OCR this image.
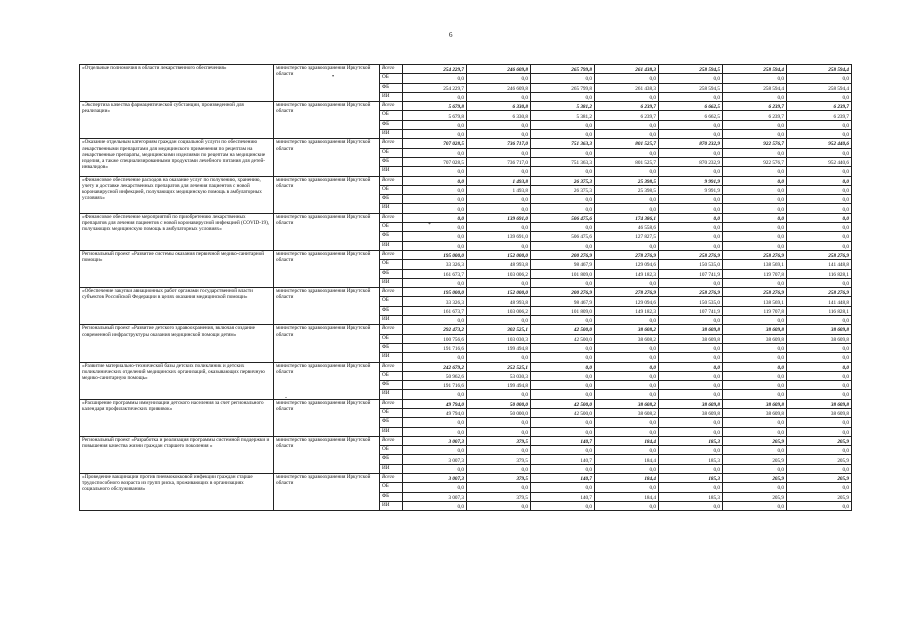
6
«Отдельные полномочия в области лекарственного обеспечения»	министерство здравоохранения Иркутской области	Всего	254 229,7	246 609,8	265 799,8	261 438,3	258 594,5	258 594,4	258 594,4
		ОБ	0,0	0,0	0,0	0,0	0,0	0,0	0,0
		ФБ	254 229,7	246 609,8	265 799,8	261 438,3	258 594,5	258 594,4	258 594,4
		ИИ	0,0	0,0	0,0	0,0	0,0	0,0	0,0
«Экспертиза качества фармацевтической субстанции, произведенной для реализации»	министерство здравоохранения Иркутской области	Всего	5 679,8	6 330,8	5 381,2	6 239,7	6 662,5	6 239,7	6 239,7
		ОБ	5 679,8	6 330,8	5 381,2	6 239,7	6 662,5	6 239,7	6 239,7
		ФБ	0,0	0,0	0,0	0,0	0,0	0,0	0,0
		ИИ	0,0	0,0	0,0	0,0	0,0	0,0	0,0
«Оказание отдельным категориям граждан социальной услуги по обеспечению лекарственными препаратами для медицинского применения по рецептам на лекарственные препараты, медицинскими изделиями по рецептам на медицинские изделия, а также специализированными продуктами лечебного питания для детей-инвалидов»	министерство здравоохранения Иркутской области	Всего	707 028,5	736 717,0	751 363,3	801 525,7	870 232,9	922 576,7	952 440,6
		ОБ	0,0	0,0	0,0	0,0	0,0	0,0	0,0
		ФБ	707 028,5	736 717,0	751 363,3	801 525,7	870 232,9	922 576,7	952 440,6
		ИИ	0,0	0,0	0,0	0,0	0,0	0,0	0,0
«Финансовое обеспечение расходов на оказание услуг по получению, хранению, учету и доставке лекарственных препаратов для лечения пациентов с новой коронавирусной инфекцией, получающих медицинскую помощь в амбулаторных условиях»	министерство здравоохранения Иркутской области	Всего	0,0	1 493,8	26 375,3	25 398,5	9 991,9	0,0	0,0
		ОБ	0,0	1 493,8	26 375,3	25 398,5	9 991,9	0,0	0,0
		ФБ	0,0	0,0	0,0	0,0	0,0	0,0	0,0
		ИИ	0,0	0,0	0,0	0,0	0,0	0,0	0,0
«Финансовое обеспечение мероприятий по приобретению лекарственных препаратов для лечения пациентов с новой коронавирусной инфекцией (COVID-19), получающих медицинскую помощь в амбулаторных условиях»	министерство здравоохранения Иркутской области	Всего	0,0	139 691,0	506 475,6	174 386,1	0,0	0,0	0,0
		ОБ	0,0	0,0	0,0	46 558,6	0,0	0,0	0,0
		ФБ	0,0	139 691,0	506 475,6	127 827,5	0,0	0,0	0,0
		ИИ	0,0	0,0	0,0	0,0	0,0	0,0	0,0
Региональный проект «Развитие системы оказания первичной медико-санитарной помощи»	министерство здравоохранения Иркутской области	Всего	195 000,0	152 000,0	200 276,9	278 276,9	258 276,9	258 276,9	258 276,9
		ОБ	33 326,3	48 993,8	98 467,9	129 094,6	150 535,0	138 569,1	141 448,8
		ФБ	161 673,7	103 006,2	101 809,0	149 182,3	107 741,9	119 707,8	116 828,1
		ИИ	0,0	0,0	0,0	0,0	0,0	0,0	0,0
«Обеспечение закупки авиационных работ органами государственной власти субъектов Российской Федерации в целях оказания медицинской помощи»	министерство здравоохранения Иркутской области	Всего	195 000,0	152 000,0	200 276,9	278 276,9	258 276,9	258 276,9	258 276,9
		ОБ	33 326,3	48 993,8	98 467,9	129 094,6	150 535,0	138 569,1	141 448,8
		ФБ	161 673,7	103 006,2	101 809,0	149 182,3	107 741,9	119 707,8	116 828,1
		ИИ	0,0	0,0	0,0	0,0	0,0	0,0	0,0
Региональный проект «Развитие детского здравоохранения, включая создание современной инфраструктуры оказания медицинской помощи детям»	министерство здравоохранения Иркутской области	Всего	292 473,2	302 525,1	42 500,0	38 608,2	38 609,8	38 609,8	38 609,8
		ОБ	100 756,6	103 030,3	42 500,0	38 608,2	38 609,8	38 609,8	38 609,8
		ФБ	191 716,6	199 494,8	0,0	0,0	0,0	0,0	0,0
		ИИ	0,0	0,0	0,0	0,0	0,0	0,0	0,0
«Развитие материально-технической базы детских поликлиник и детских поликлинических отделений медицинских организаций, оказывающих первичную медико-санитарную помощь»	министерство здравоохранения Иркутской области	Всего	242 679,2	252 525,1	0,0	0,0	0,0	0,0	0,0
		ОБ	50 962,6	53 030,3	0,0	0,0	0,0	0,0	0,0
		ФБ	191 716,6	199 494,8	0,0	0,0	0,0	0,0	0,0
		ИИ	0,0	0,0	0,0	0,0	0,0	0,0	0,0
«Расширение программы иммунизации детского населения за счет регионального календаря профилактических прививок»	министерство здравоохранения Иркутской области	Всего	49 794,0	50 000,0	42 500,0	38 608,2	38 609,8	38 609,8	38 609,8
		ОБ	49 794,0	50 000,0	42 500,0	38 608,2	38 609,8	38 609,8	38 609,8
		ФБ	0,0	0,0	0,0	0,0	0,0	0,0	0,0
		ИИ	0,0	0,0	0,0	0,0	0,0	0,0	0,0
Региональный проект «Разработка и реализация программы системной поддержки и повышения качества жизни граждан старшего поколения »	министерство здравоохранения Иркутской области	Всего	3 007,3	379,5	140,7	184,4	185,3	205,9	205,9
		ОБ	0,0	0,0	0,0	0,0	0,0	0,0	0,0
		ФБ	3 007,3	379,5	140,7	184,4	185,3	205,9	205,9
		ИИ	0,0	0,0	0,0	0,0	0,0	0,0	0,0
«Проведение вакцинации против пневмококковой инфекции граждан старше трудоспособного возраста из групп риска, проживающих в организациях социального обслуживания»	министерство здравоохранения Иркутской области	Всего	3 007,3	379,5	140,7	184,4	185,3	205,9	205,9
		ОБ	0,0	0,0	0,0	0,0	0,0	0,0	0,0
		ФБ	3 007,3	379,5	140,7	184,4	185,3	205,9	205,9
		ИИ	0,0	0,0	0,0	0,0	0,0	0,0	0,0
•
-
*
